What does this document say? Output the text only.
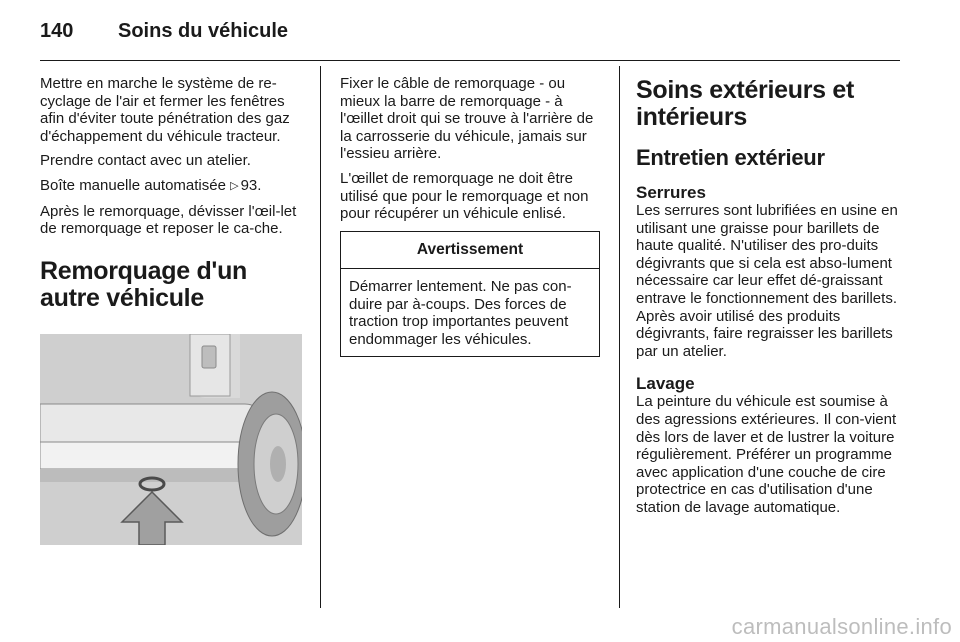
140 Soins du véhicule

Mettre en marche le système de re-cyclage de l'air et fermer les fenêtres afin d'éviter toute pénétration des gaz d'échappement du véhicule tracteur.

Prendre contact avec un atelier.

Boîte manuelle automatisée ▷ 93.

Après le remorquage, dévisser l'œil-let de remorquage et reposer le ca-che.

Remorquage d'un autre véhicule

Fixer le câble de remorquage - ou mieux la barre de remorquage - à l'œillet droit qui se trouve à l'arrière de la carrosserie du véhicule, jamais sur l'essieu arrière.

L'œillet de remorquage ne doit être utilisé que pour le remorquage et non pour récupérer un véhicule enlisé.

Avertissement
Démarrer lentement. Ne pas con-duire par à-coups. Des forces de traction trop importantes peuvent endommager les véhicules.
Soins extérieurs et intérieurs
Entretien extérieur
Serrures

Les serrures sont lubrifiées en usine en utilisant une graisse pour barillets de haute qualité. N'utiliser des pro-duits dégivrants que si cela est abso-lument nécessaire car leur effet dé-graissant entrave le fonctionnement des barillets. Après avoir utilisé des produits dégivrants, faire regraisser les barillets par un atelier.

Lavage

La peinture du véhicule est soumise à des agressions extérieures. Il con-vient dès lors de laver et de lustrer la voiture régulièrement. Préférer un programme avec application d'une couche de cire protectrice en cas d'utilisation d'une station de lavage automatique.

carmanualsonline.info
